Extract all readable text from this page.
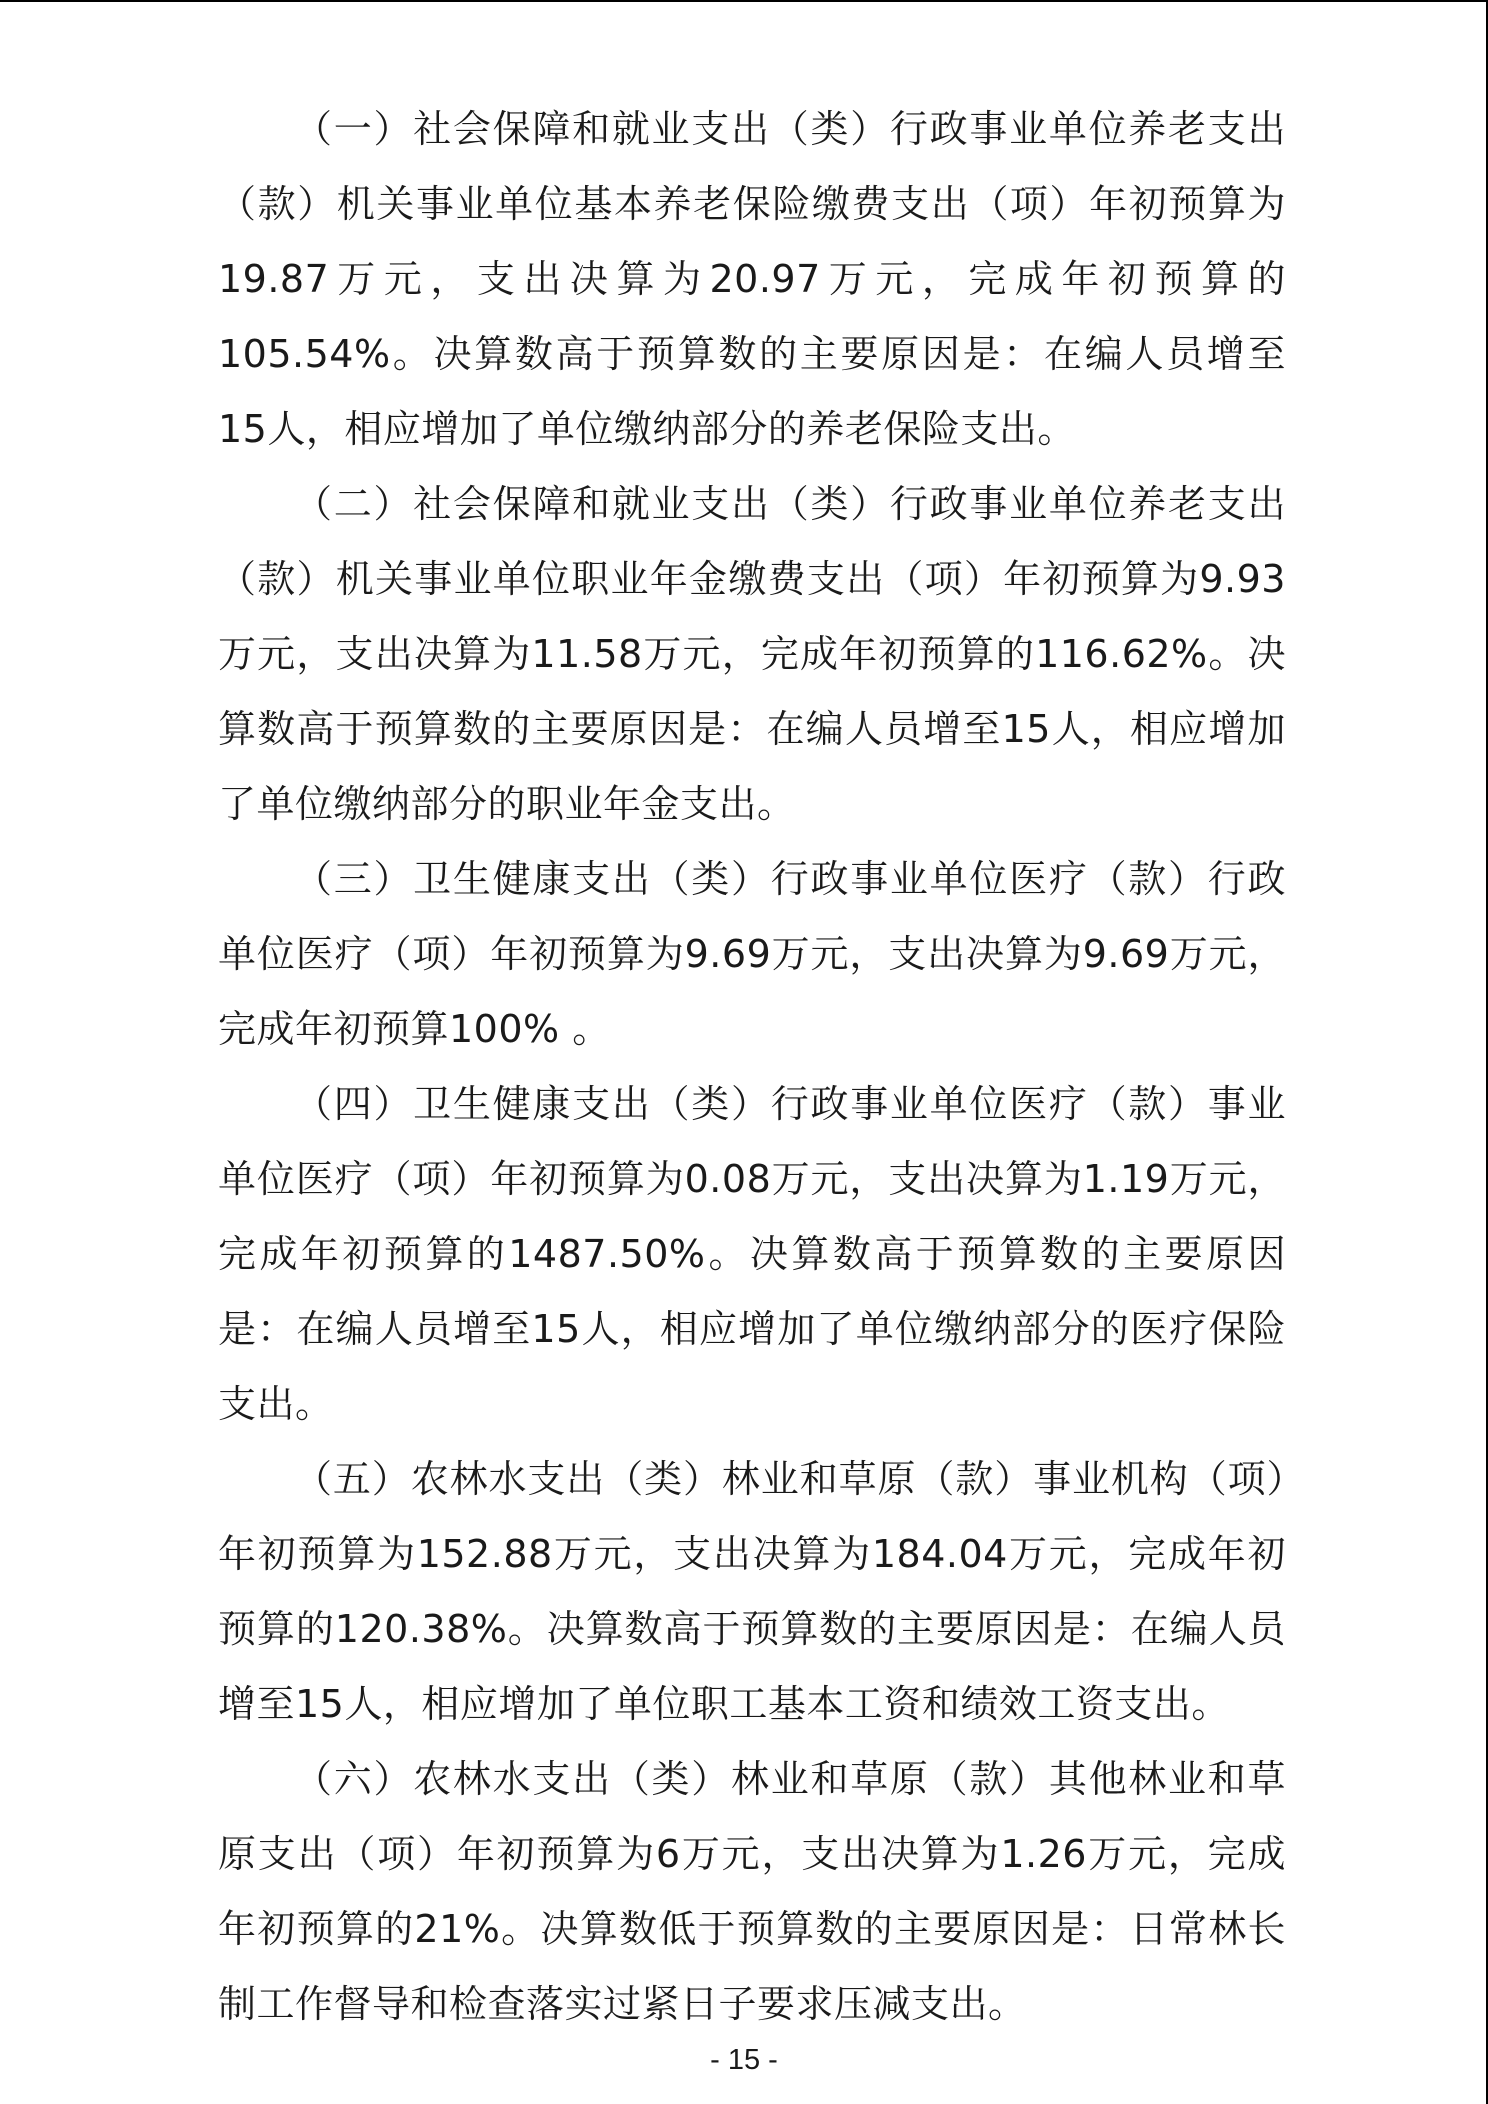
（一）社会保障和就业支出（类）行政事业单位养老支出（款）机关事业单位基本养老保险缴费支出（项）年初预算为19.87万元，支出决算为20.97万元，完成年初预算的105.54%。决算数高于预算数的主要原因是：在编人员增至15人，相应增加了单位缴纳部分的养老保险支出。

（二）社会保障和就业支出（类）行政事业单位养老支出（款）机关事业单位职业年金缴费支出（项）年初预算为9.93万元，支出决算为11.58万元，完成年初预算的116.62%。决算数高于预算数的主要原因是：在编人员增至15人，相应增加了单位缴纳部分的职业年金支出。

（三）卫生健康支出（类）行政事业单位医疗（款）行政单位医疗（项）年初预算为9.69万元，支出决算为9.69万元，完成年初预算100% 。

（四）卫生健康支出（类）行政事业单位医疗（款）事业单位医疗（项）年初预算为0.08万元，支出决算为1.19万元，完成年初预算的1487.50%。决算数高于预算数的主要原因是：在编人员增至15人，相应增加了单位缴纳部分的医疗保险支出。

（五）农林水支出（类）林业和草原（款）事业机构（项）年初预算为152.88万元，支出决算为184.04万元，完成年初预算的120.38%。决算数高于预算数的主要原因是：在编人员增至15人，相应增加了单位职工基本工资和绩效工资支出。

（六）农林水支出（类）林业和草原（款）其他林业和草原支出（项）年初预算为6万元，支出决算为1.26万元，完成年初预算的21%。决算数低于预算数的主要原因是：日常林长制工作督导和检查落实过紧日子要求压减支出。

- 15 -
